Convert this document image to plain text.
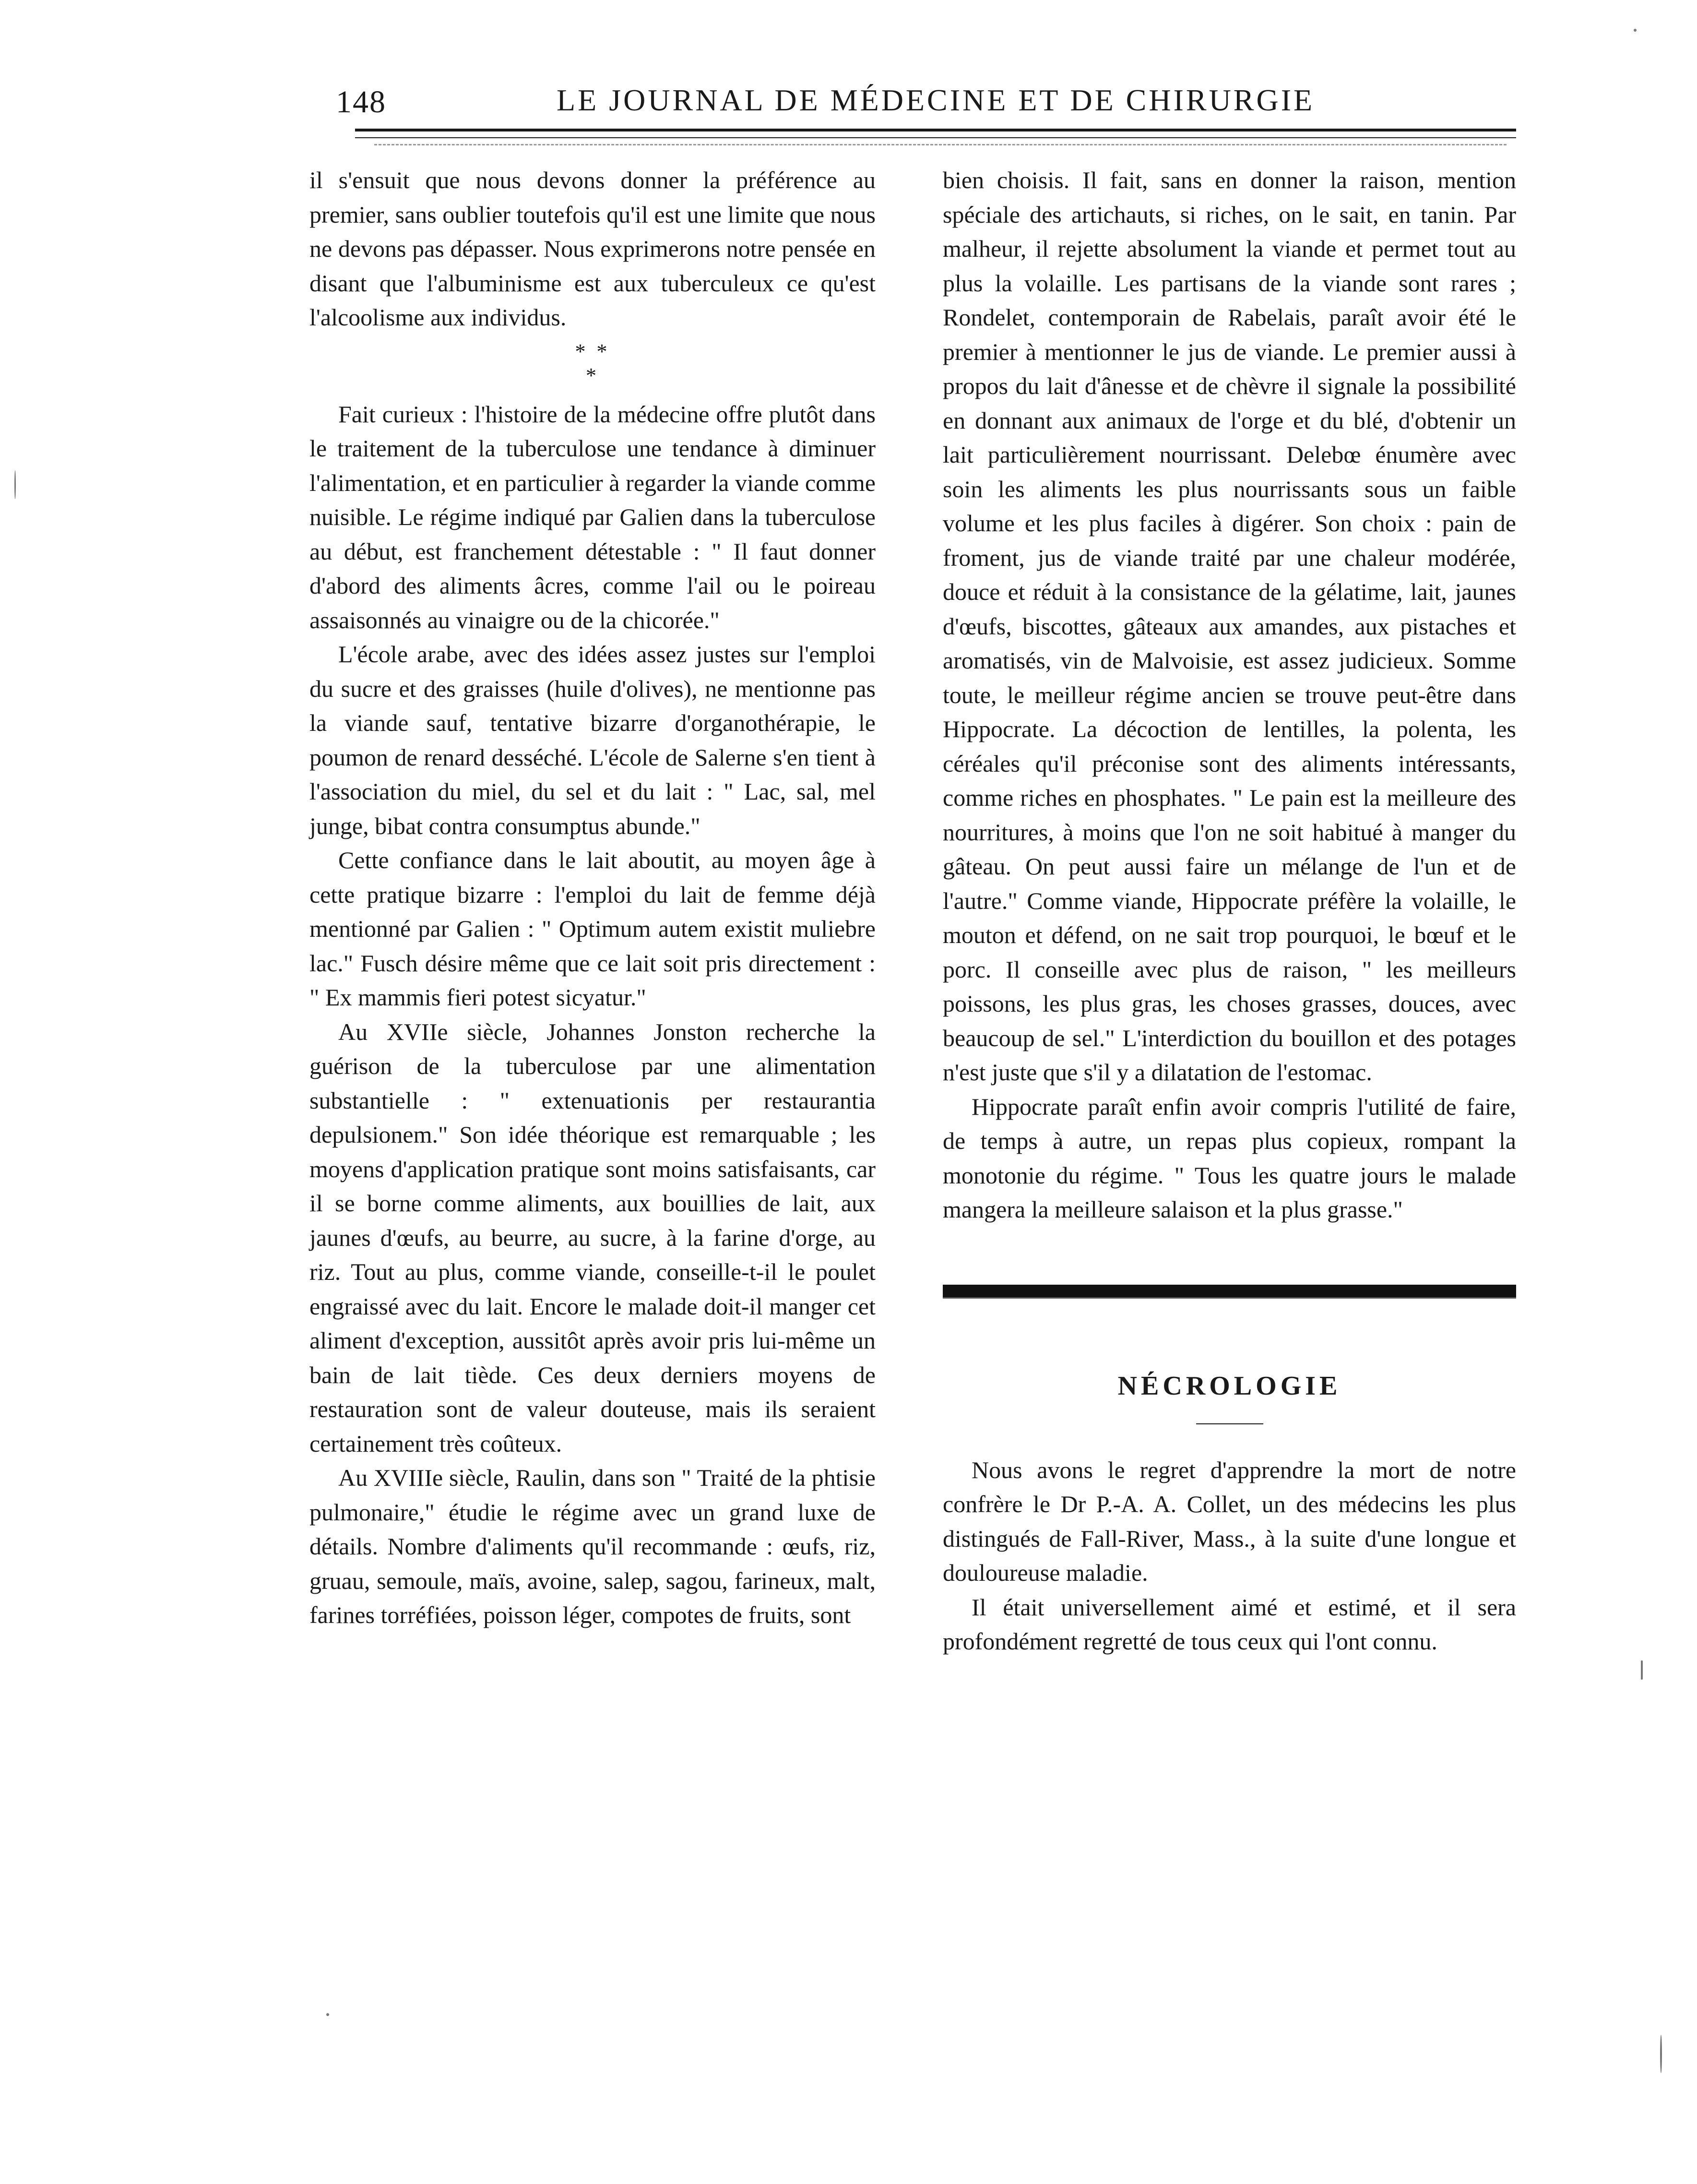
148	LE JOURNAL DE MÉDECINE ET DE CHIRURGIE

il s'ensuit que nous devons donner la préférence au premier, sans oublier toutefois qu'il est une limite que nous ne devons pas dépasser. Nous exprimerons notre pensée en disant que l'albuminisme est aux tuberculeux ce qu'est l'alcoolisme aux individus.

* *
*

Fait curieux : l'histoire de la médecine offre plutôt dans le traitement de la tuberculose une tendance à diminuer l'alimentation, et en particulier à regarder la viande comme nuisible. Le régime indiqué par Galien dans la tuberculose au début, est franchement détestable : " Il faut donner d'abord des aliments âcres, comme l'ail ou le poireau assaisonnés au vinaigre ou de la chicorée."

L'école arabe, avec des idées assez justes sur l'emploi du sucre et des graisses (huile d'olives), ne mentionne pas la viande sauf, tentative bizarre d'organothérapie, le poumon de renard desséché. L'école de Salerne s'en tient à l'association du miel, du sel et du lait : " Lac, sal, mel junge, bibat contra consumptus abunde."

Cette confiance dans le lait aboutit, au moyen âge à cette pratique bizarre : l'emploi du lait de femme déjà mentionné par Galien : " Optimum autem existit muliebre lac." Fusch désire même que ce lait soit pris directement : " Ex mammis fieri potest sicyatur."

Au XVIIe siècle, Johannes Jonston recherche la guérison de la tuberculose par une alimentation substantielle : " extenuationis per restaurantia depulsionem." Son idée théorique est remarquable ; les moyens d'application pratique sont moins satisfaisants, car il se borne comme aliments, aux bouillies de lait, aux jaunes d'œufs, au beurre, au sucre, à la farine d'orge, au riz. Tout au plus, comme viande, conseille-t-il le poulet engraissé avec du lait. Encore le malade doit-il manger cet aliment d'exception, aussitôt après avoir pris lui-même un bain de lait tiède. Ces deux derniers moyens de restauration sont de valeur douteuse, mais ils seraient certainement très coûteux.

Au XVIIIe siècle, Raulin, dans son " Traité de la phtisie pulmonaire," étudie le régime avec un grand luxe de détails. Nombre d'aliments qu'il recommande : œufs, riz, gruau, semoule, maïs, avoine, salep, sagou, farineux, malt, farines torréfiées, poisson léger, compotes de fruits, sont

bien choisis. Il fait, sans en donner la raison, mention spéciale des artichauts, si riches, on le sait, en tanin. Par malheur, il rejette absolument la viande et permet tout au plus la volaille. Les partisans de la viande sont rares ; Rondelet, contemporain de Rabelais, paraît avoir été le premier à mentionner le jus de viande. Le premier aussi à propos du lait d'ânesse et de chèvre il signale la possibilité en donnant aux animaux de l'orge et du blé, d'obtenir un lait particulièrement nourrissant. Delebœ énumère avec soin les aliments les plus nourrissants sous un faible volume et les plus faciles à digérer. Son choix : pain de froment, jus de viande traité par une chaleur modérée, douce et réduit à la consistance de la gélatime, lait, jaunes d'œufs, biscottes, gâteaux aux amandes, aux pistaches et aromatisés, vin de Malvoisie, est assez judicieux. Somme toute, le meilleur régime ancien se trouve peut-être dans Hippocrate. La décoction de lentilles, la polenta, les céréales qu'il préconise sont des aliments intéressants, comme riches en phosphates. " Le pain est la meilleure des nourritures, à moins que l'on ne soit habitué à manger du gâteau. On peut aussi faire un mélange de l'un et de l'autre." Comme viande, Hippocrate préfère la volaille, le mouton et défend, on ne sait trop pourquoi, le bœuf et le porc. Il conseille avec plus de raison, " les meilleurs poissons, les plus gras, les choses grasses, douces, avec beaucoup de sel." L'interdiction du bouillon et des potages n'est juste que s'il y a dilatation de l'estomac.

Hippocrate paraît enfin avoir compris l'utilité de faire, de temps à autre, un repas plus copieux, rompant la monotonie du régime. " Tous les quatre jours le malade mangera la meilleure salaison et la plus grasse."

NÉCROLOGIE

Nous avons le regret d'apprendre la mort de notre confrère le Dr P.-A. A. Collet, un des médecins les plus distingués de Fall-River, Mass., à la suite d'une longue et douloureuse maladie.

Il était universellement aimé et estimé, et il sera profondément regretté de tous ceux qui l'ont connu.
